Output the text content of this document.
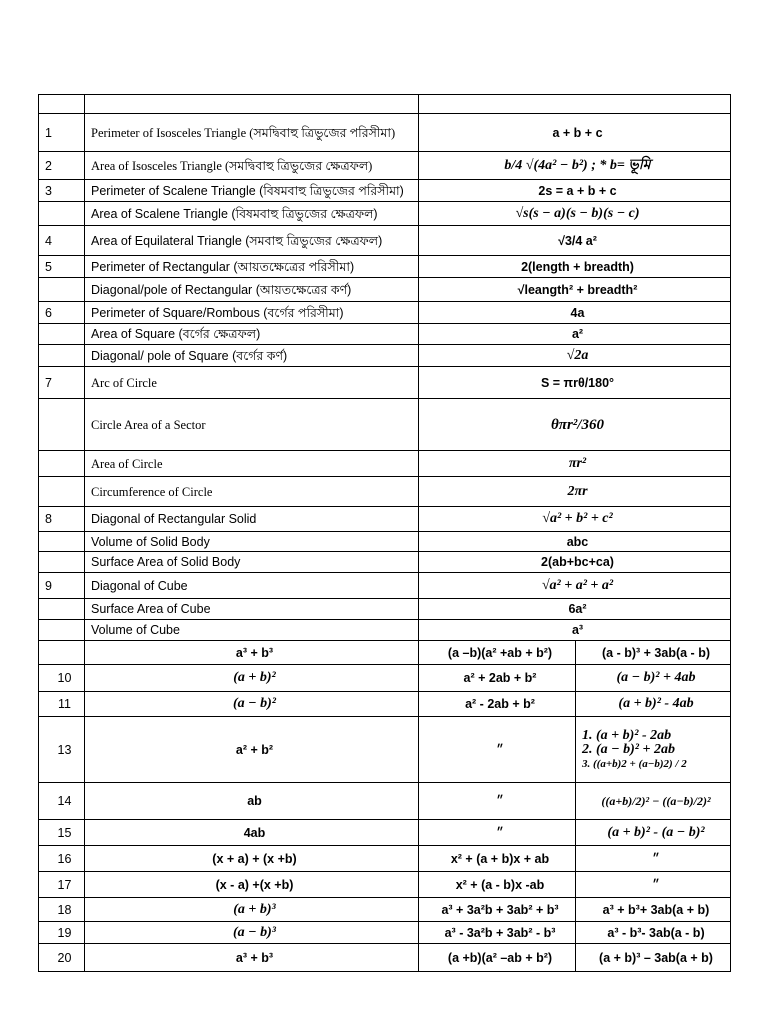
1	Perimeter of Isosceles Triangle (সমদ্বিবাহু ত্রিভুজের পরিসীমা)	a + b + c	
2	Area of Isosceles Triangle (সমদ্বিবাহু ত্রিভুজের ক্ষেত্রফল)	b/4 √(4a² − b²) ; * b= ভূমি	
3	Perimeter of Scalene Triangle (বিষমবাহু ত্রিভুজের পরিসীমা)	2s = a + b + c	
	Area of Scalene Triangle (বিষমবাহু ত্রিভুজের ক্ষেত্রফল)	√s(s − a)(s − b)(s − c)	
4	Area of Equilateral Triangle (সমবাহু ত্রিভুজের ক্ষেত্রফল)	√3/4 a²	
5	Perimeter of Rectangular (আয়তক্ষেত্রের পরিসীমা)	2(length + breadth)	
	Diagonal/pole of Rectangular (আয়তক্ষেত্রের কর্ণ)	√leangth² + breadth²	
6	Perimeter of Square/Rombous (বর্গের পরিসীমা)	4a	
	Area of Square (বর্গের ক্ষেত্রফল)	a²	
	Diagonal/ pole of Square (বর্গের কর্ণ)	√2a	
7	Arc of Circle	S = πrθ/180°	
	Circle Area of a Sector	θπr²/360	
	Area of Circle	πr²	
	Circumference of Circle	2πr	
8	Diagonal of Rectangular Solid	√a² + b² + c²	
	Volume of Solid Body	abc	
	Surface Area of Solid Body	2(ab+bc+ca)	
9	Diagonal of Cube	√a² + a² + a²	
	Surface Area of Cube	6a²	
	Volume of Cube	a³	
	a³ + b³	(a –b)(a² +ab + b²)	(a - b)³ + 3ab(a - b)
10	(a + b)²	a² + 2ab + b²	(a − b)² + 4ab
11	(a − b)²	a² - 2ab + b²	(a + b)² - 4ab
13	a² + b²	״	1. (a + b)² - 2ab
2. (a − b)² + 2ab
3. ((a+b)2 + (a−b)2) / 2

14	ab	״	((a+b)/2)² − ((a−b)/2)²
15	4ab	״	(a + b)² - (a − b)²
16	(x + a) + (x +b)	x² + (a + b)x + ab	״
17	(x - a) +(x +b)	x² + (a - b)x -ab	״
18	(a + b)³	a³ + 3a²b + 3ab² + b³	a³ + b³+ 3ab(a + b)
19	(a − b)³	a³ - 3a²b + 3ab² - b³	a³ - b³- 3ab(a - b)
20	a³ + b³	(a +b)(a² –ab + b²)	(a + b)³ – 3ab(a + b)
